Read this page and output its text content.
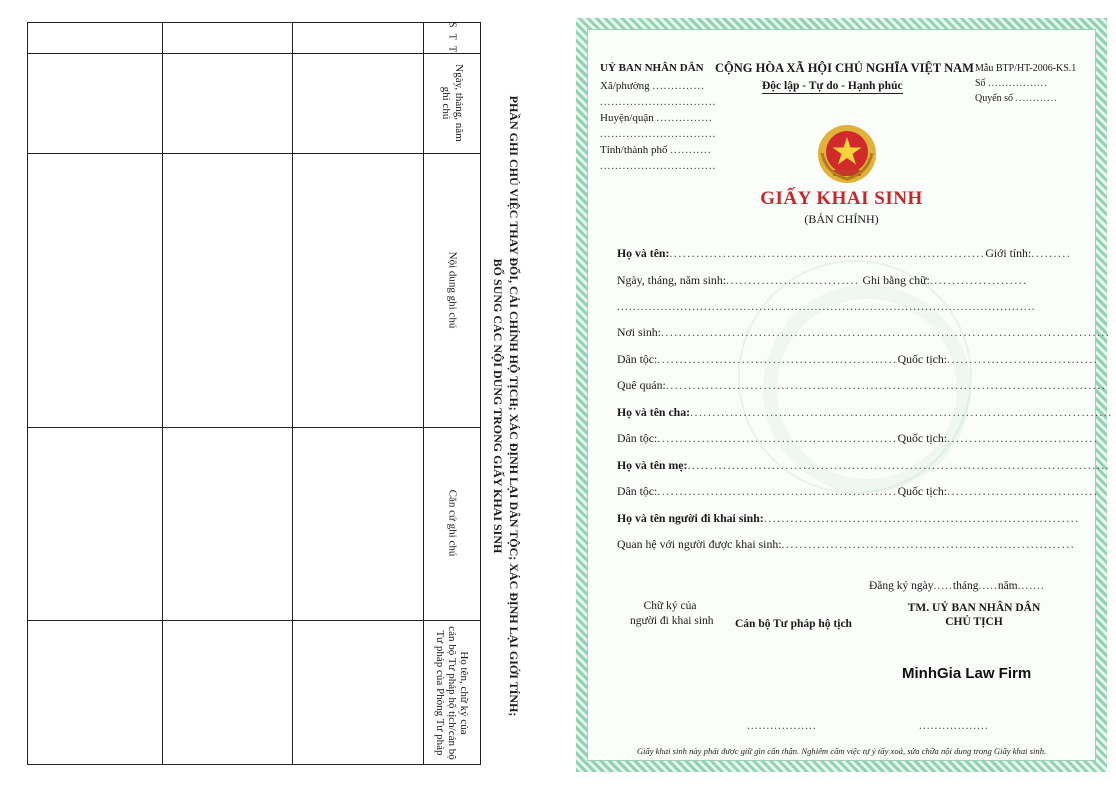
S T T
Ngày, tháng, năm ghi chú
Nội dung ghi chú
Căn cứ ghi chú
Họ tên, chữ ký của
cán bộ Tư pháp hộ tịch/cán bộ
Tư pháp của Phòng Tư pháp	PHẦN GHI CHÚ VIỆC THAY ĐỔI, CẢI CHÍNH HỘ TỊCH; XÁC ĐỊNH LẠI DÂN TỘC; XÁC ĐỊNH LẠI GIỚI TÍNH;
BỔ SUNG CÁC NỘI DUNG TRONG GIẤY KHAI SINH
UỶ BAN NHÂN DÂN
Xã/phường ..............
...............................
Huyện/quận ...............
...............................
Tỉnh/thành phố ...........
...............................
CỘNG HÒA XÃ HỘI CHỦ NGHĨA VIỆT NAM
Độc lập - Tự do - Hạnh phúc
Mẫu BTP/HT-2006-KS.1
Số .................
Quyển số ............
GIẤY KHAI SINH
(BẢN CHÍNH)
Họ và tên:.......................................................................Giới tính:.........
Ngày, tháng, năm sinh:.............................. Ghi bằng chữ:......................
..........................................................................................................
Nơi sinh:.....................................................................................................
Dân tộc:......................................................Quốc tịch:..................................
Quê quán:...................................................................................................
Họ và tên cha:...............................................................................................
Dân tộc:......................................................Quốc tịch:..................................
Họ và tên mẹ:...............................................................................................
Dân tộc:......................................................Quốc tịch:..................................
Họ và tên người đi khai sinh:.......................................................................
Quan hệ với người được khai sinh:..................................................................
Đăng ký ngày.....tháng.....năm.......
Chữ ký của
người đi khai sinh Cán bộ Tư pháp hộ tịch
TM. UỶ BAN NHÂN DÂN
CHỦ TỊCH
MinhGia Law Firm
..................	..................
Giấy khai sinh này phải được giữ gìn cẩn thận. Nghiêm cấm việc tự ý tẩy xoá, sửa chữa nội dung trong Giấy khai sinh.
